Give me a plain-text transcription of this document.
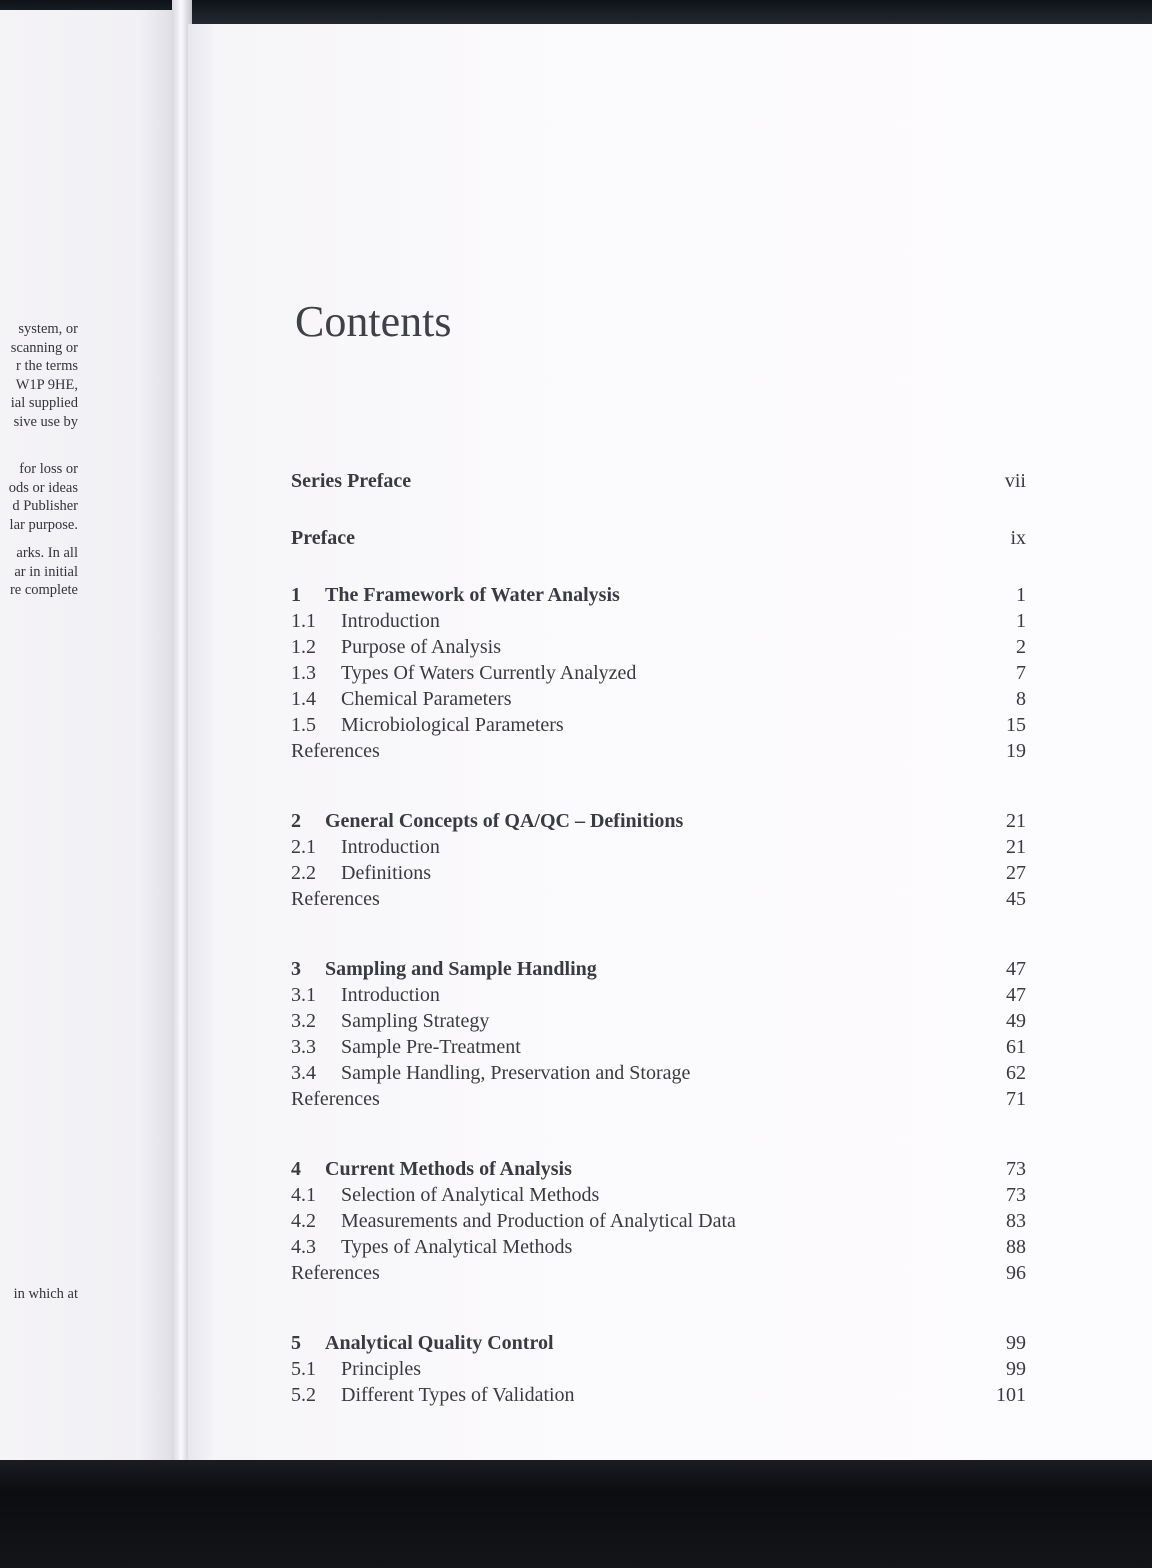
system, or
scanning or
r the terms
W1P 9HE,
ial supplied
sive use by
for loss or
ods or ideas
d Publisher
lar purpose.
arks. In all
ar in initial
re complete
in which at
Contents
Series Preface	vii
Preface	ix
1 The Framework of Water Analysis	1
1.1 Introduction	1
1.2 Purpose of Analysis	2
1.3 Types Of Waters Currently Analyzed	7
1.4 Chemical Parameters	8
1.5 Microbiological Parameters	15
References	19
2 General Concepts of QA/QC – Definitions	21
2.1 Introduction	21
2.2 Definitions	27
References	45
3 Sampling and Sample Handling	47
3.1 Introduction	47
3.2 Sampling Strategy	49
3.3 Sample Pre-Treatment	61
3.4 Sample Handling, Preservation and Storage	62
References	71
4 Current Methods of Analysis	73
4.1 Selection of Analytical Methods	73
4.2 Measurements and Production of Analytical Data	83
4.3 Types of Analytical Methods	88
References	96
5 Analytical Quality Control	99
5.1 Principles	99
5.2 Different Types of Validation	101
